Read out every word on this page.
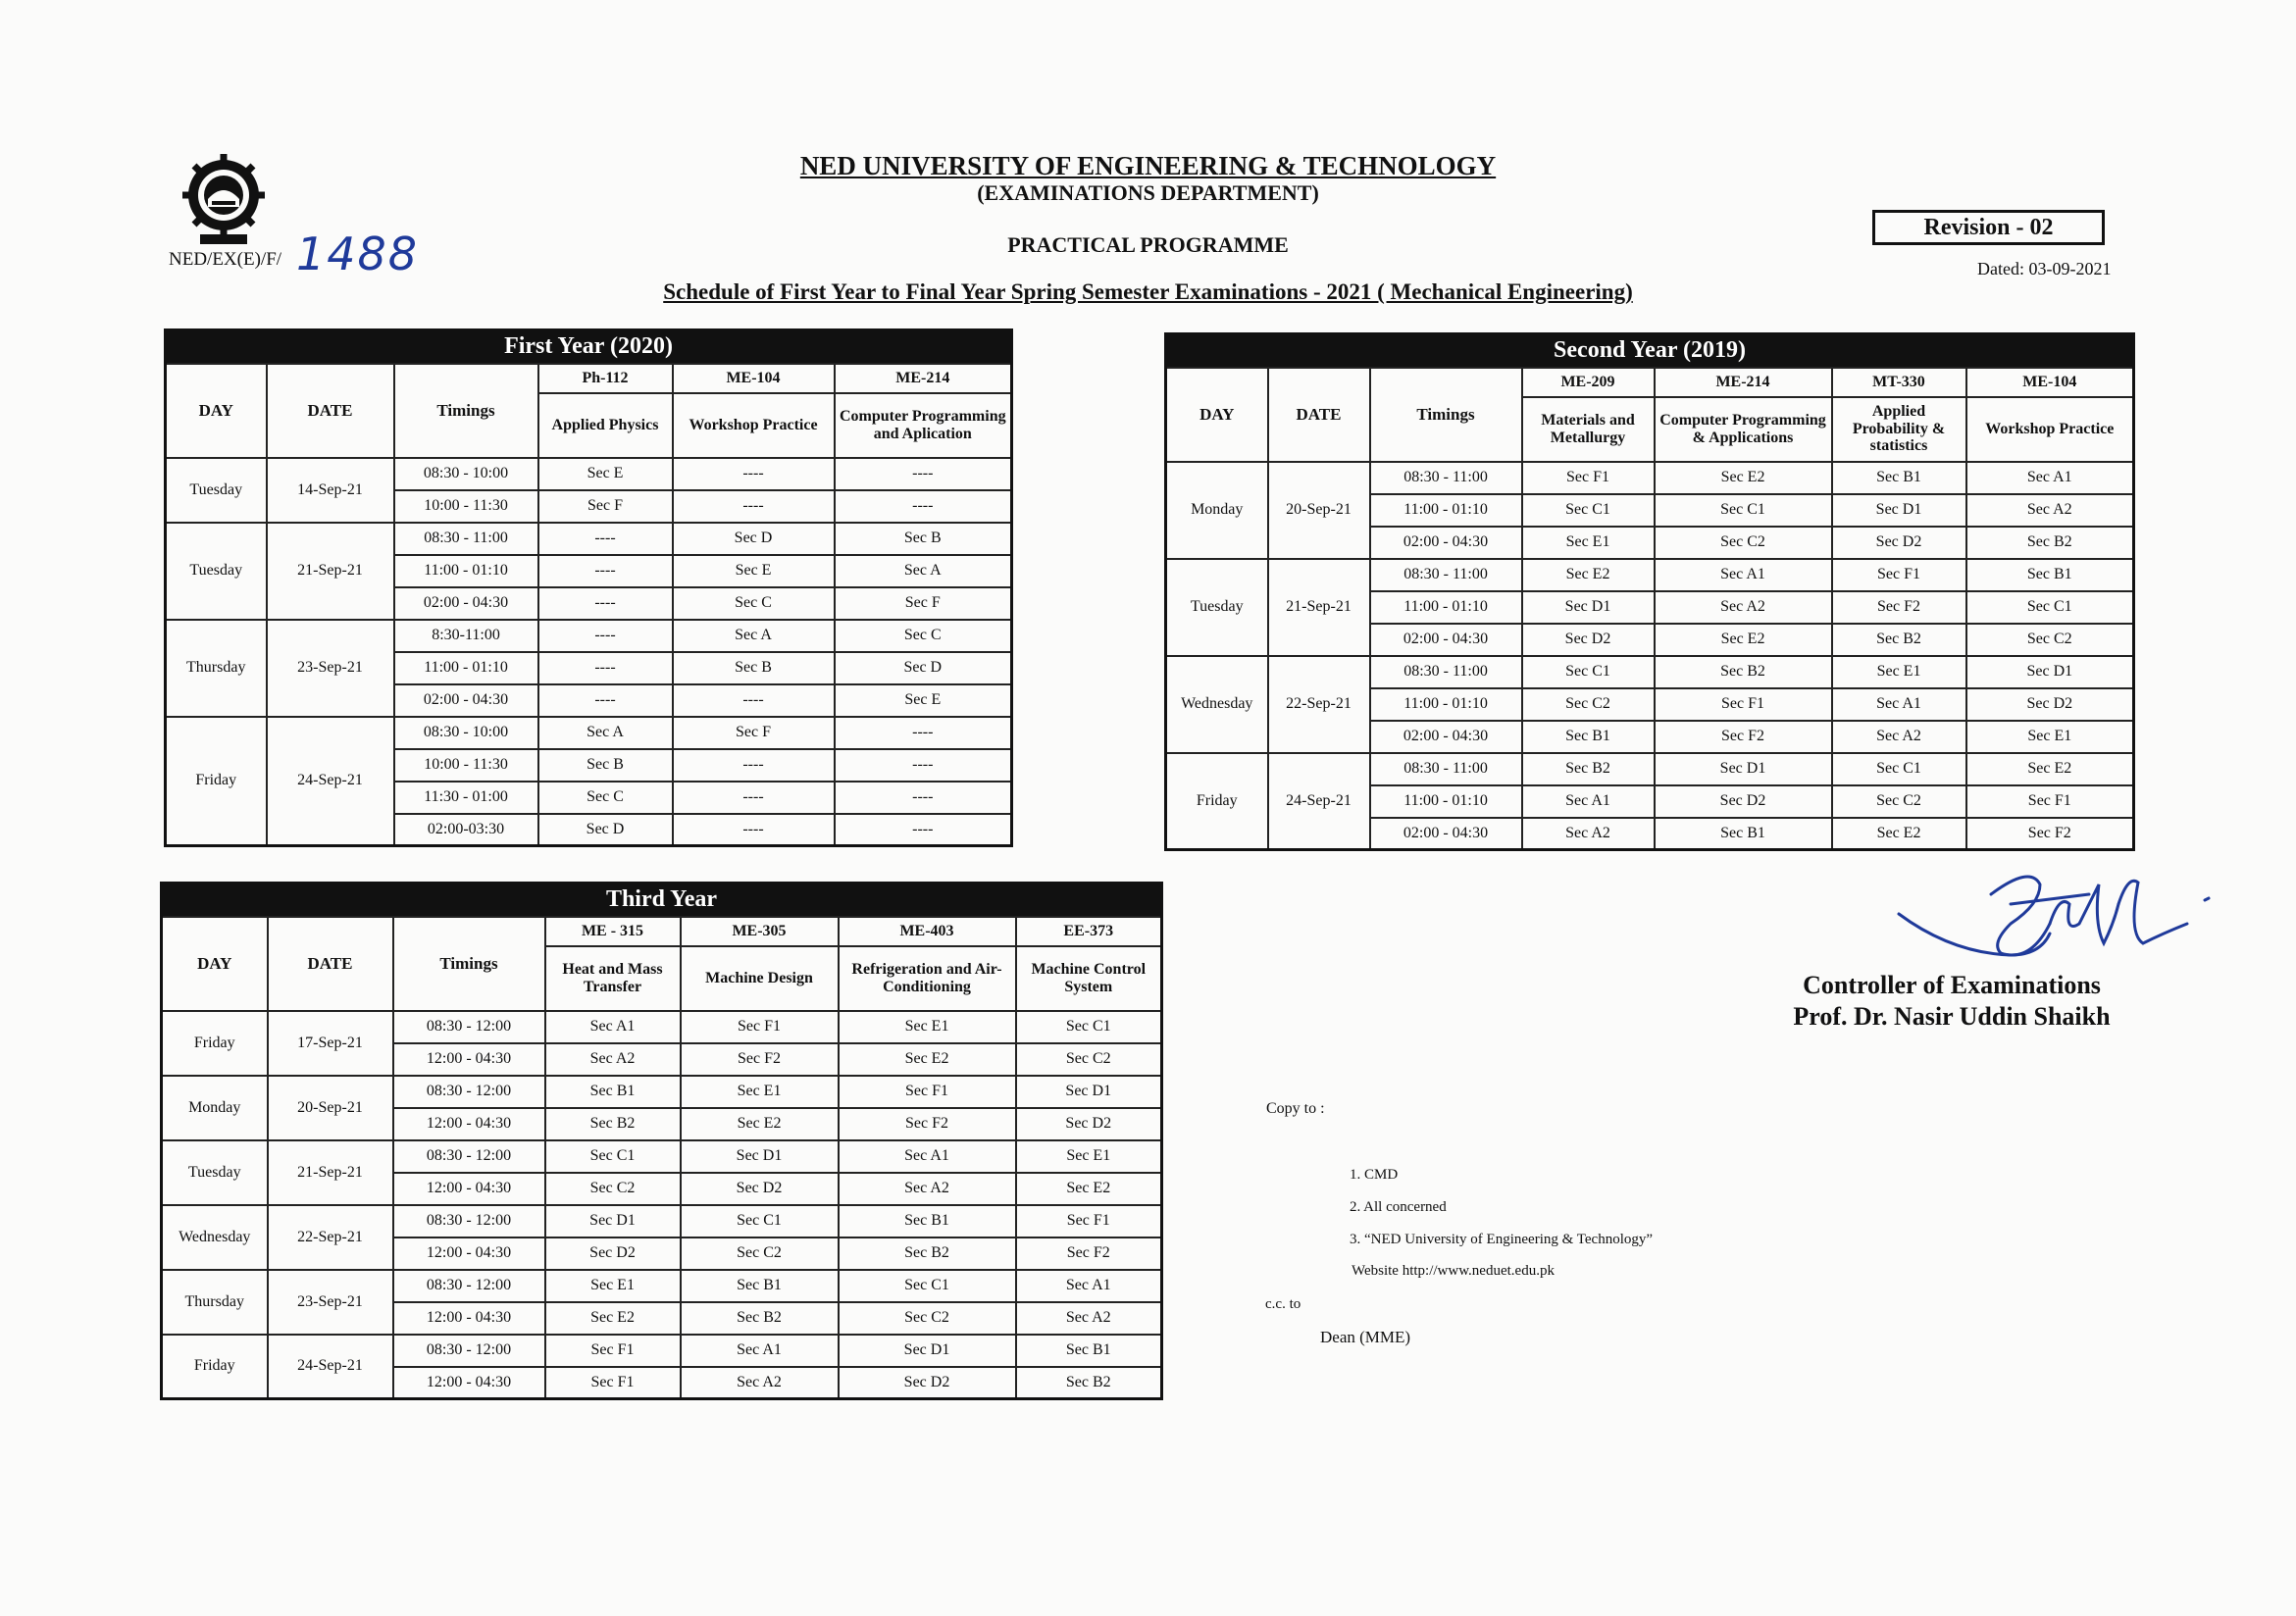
NED/EX(E)/F/ 1488
NED UNIVERSITY OF ENGINEERING & TECHNOLOGY
(EXAMINATIONS DEPARTMENT)
PRACTICAL PROGRAMME
Schedule of First Year to Final Year Spring Semester Examinations - 2021 ( Mechanical Engineering)
Revision - 02
Dated: 03-09-2021
First Year (2020)					
DAY	DATE	Timings	Ph-112	ME-104	ME-214
			Applied Physics	Workshop Practice	Computer Programming and Aplication
Tuesday	14-Sep-21	08:30 - 10:00	Sec E	----	----
		10:00 - 11:30	Sec F	----	----
Tuesday	21-Sep-21	08:30 - 11:00	----	Sec D	Sec B
		11:00 - 01:10	----	Sec E	Sec A
		02:00 - 04:30	----	Sec C	Sec F
Thursday	23-Sep-21	8:30-11:00	----	Sec A	Sec C
		11:00 - 01:10	----	Sec B	Sec D
		02:00 - 04:30	----	----	Sec E
Friday	24-Sep-21	08:30 - 10:00	Sec A	Sec F	----
		10:00 - 11:30	Sec B	----	----
		11:30 - 01:00	Sec C	----	----
		02:00-03:30	Sec D	----	----
Second Year (2019)						
DAY	DATE	Timings	ME-209	ME-214	MT-330	ME-104
			Materials and Metallurgy	Computer Programming & Applications	Applied Probability & statistics	Workshop Practice
Monday	20-Sep-21	08:30 - 11:00	Sec F1	Sec E2	Sec B1	Sec A1
		11:00 - 01:10	Sec C1	Sec C1	Sec D1	Sec A2
		02:00 - 04:30	Sec E1	Sec C2	Sec D2	Sec B2
Tuesday	21-Sep-21	08:30 - 11:00	Sec E2	Sec A1	Sec F1	Sec B1
		11:00 - 01:10	Sec D1	Sec A2	Sec F2	Sec C1
		02:00 - 04:30	Sec D2	Sec E2	Sec B2	Sec C2
Wednesday	22-Sep-21	08:30 - 11:00	Sec C1	Sec B2	Sec E1	Sec D1
		11:00 - 01:10	Sec C2	Sec F1	Sec A1	Sec D2
		02:00 - 04:30	Sec B1	Sec F2	Sec A2	Sec E1
Friday	24-Sep-21	08:30 - 11:00	Sec B2	Sec D1	Sec C1	Sec E2
		11:00 - 01:10	Sec A1	Sec D2	Sec C2	Sec F1
		02:00 - 04:30	Sec A2	Sec B1	Sec E2	Sec F2
Third Year						
DAY	DATE	Timings	ME - 315	ME-305	ME-403	EE-373
			Heat and Mass Transfer	Machine Design	Refrigeration and Air-Conditioning	Machine Control System
Friday	17-Sep-21	08:30 - 12:00	Sec A1	Sec F1	Sec E1	Sec C1
		12:00 - 04:30	Sec A2	Sec F2	Sec E2	Sec C2
Monday	20-Sep-21	08:30 - 12:00	Sec B1	Sec E1	Sec F1	Sec D1
		12:00 - 04:30	Sec B2	Sec E2	Sec F2	Sec D2
Tuesday	21-Sep-21	08:30 - 12:00	Sec C1	Sec D1	Sec A1	Sec E1
		12:00 - 04:30	Sec C2	Sec D2	Sec A2	Sec E2
Wednesday	22-Sep-21	08:30 - 12:00	Sec D1	Sec C1	Sec B1	Sec F1
		12:00 - 04:30	Sec D2	Sec C2	Sec B2	Sec F2
Thursday	23-Sep-21	08:30 - 12:00	Sec E1	Sec B1	Sec C1	Sec A1
		12:00 - 04:30	Sec E2	Sec B2	Sec C2	Sec A2
Friday	24-Sep-21	08:30 - 12:00	Sec F1	Sec A1	Sec D1	Sec B1
		12:00 - 04:30	Sec F1	Sec A2	Sec D2	Sec B2
Controller of Examinations
Prof. Dr. Nasir Uddin Shaikh
Copy to :
1. CMD
2. All concerned
3. “NED University of Engineering & Technology”
Website http://www.neduet.edu.pk
c.c. to
Dean (MME)
